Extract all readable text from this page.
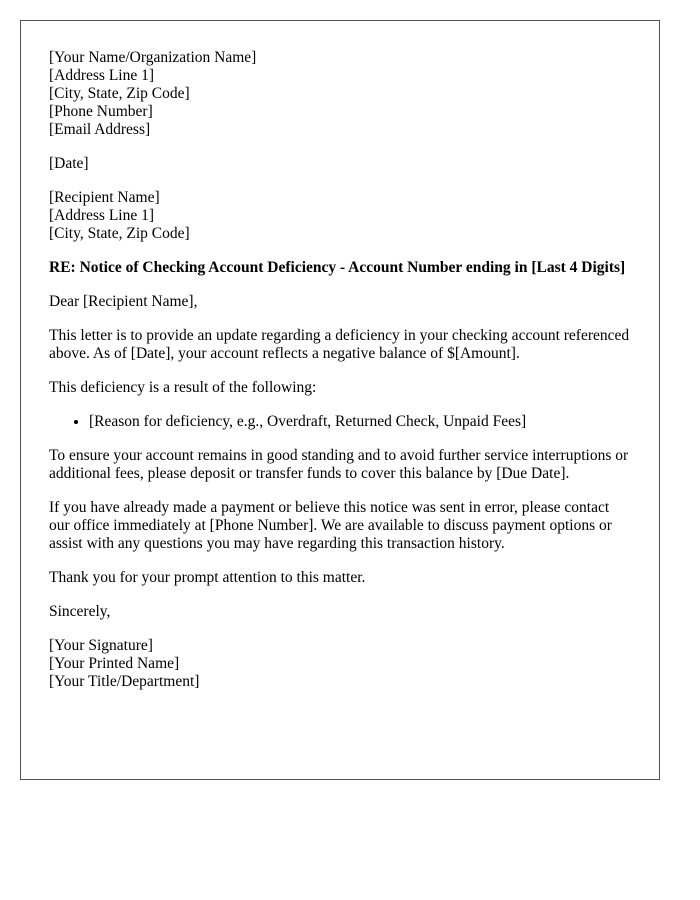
[Your Name/Organization Name]
[Address Line 1]
[City, State, Zip Code]
[Phone Number]
[Email Address]
[Date]
[Recipient Name]
[Address Line 1]
[City, State, Zip Code]

RE: Notice of Checking Account Deficiency - Account Number ending in [Last 4 Digits]

Dear [Recipient Name],

This letter is to provide an update regarding a deficiency in your checking account referenced above. As of [Date], your account reflects a negative balance of $[Amount].

This deficiency is a result of the following:

• [Reason for deficiency, e.g., Overdraft, Returned Check, Unpaid Fees]

To ensure your account remains in good standing and to avoid further service interruptions or additional fees, please deposit or transfer funds to cover this balance by [Due Date].

If you have already made a payment or believe this notice was sent in error, please contact our office immediately at [Phone Number]. We are available to discuss payment options or assist with any questions you may have regarding this transaction history.

Thank you for your prompt attention to this matter.

Sincerely,

[Your Signature]
[Your Printed Name]
[Your Title/Department]
